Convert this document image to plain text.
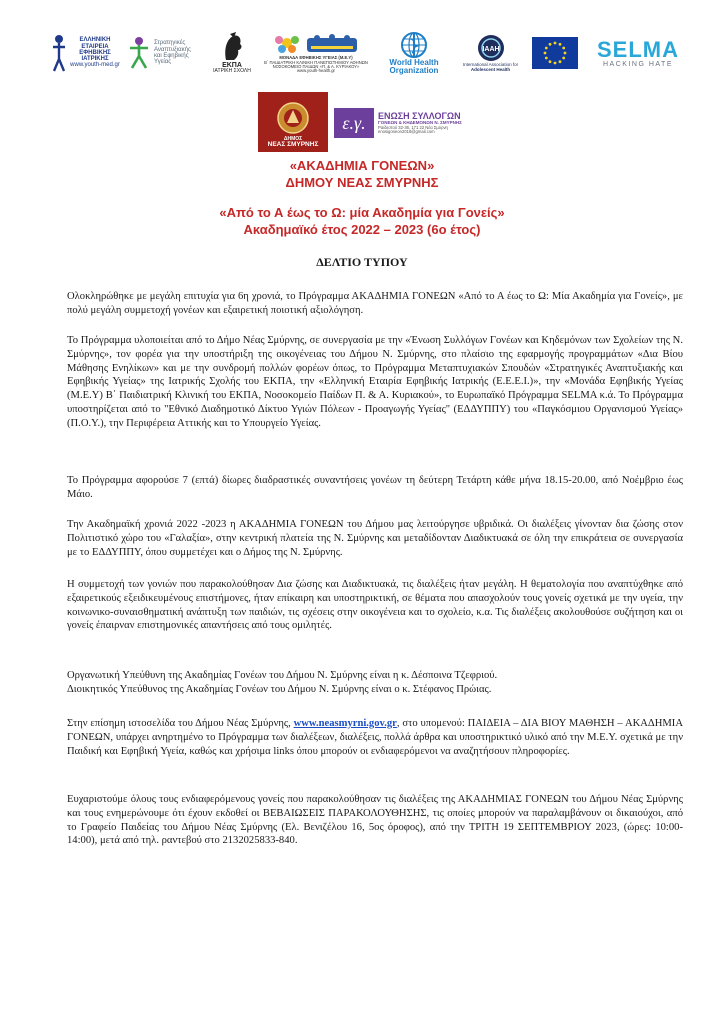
ΕΛΛΗΝΙΚΗ
ΕΤΑΙΡΕΙΑ
ΕΦΗΒΙΚΗΣ
ΙΑΤΡΙΚΗΣ
www.youth-med.gr
Στρατηγικές
Αναπτυξιακής
και Εφηβικής
Υγείας	ΕΚΠΑ
ΙΑΤΡΙΚΗ ΣΧΟΛΗ
ΜΟΝΑΔΑ ΕΦΗΒΙΚΗΣ ΥΓΕΙΑΣ (Μ.Ε.Υ)
Β΄ ΠΑΙΔΙΑΤΡΙΚΗ ΚΛΙΝΙΚΗ ΠΑΝΕΠΙΣΤΗΜΙΟΥ ΑΘΗΝΩΝ
ΝΟΣΟΚΟΜΕΙΟ ΠΑΙΔΩΝ «Π. & Α. ΚΥΡΙΑΚΟΥ»
www.youth-health.gr
World Health
Organization
IAAH
International Association for
Adolescent Health
SELMA
HACKING HATE
ΔΗΜΟΣ
ΝΕΑΣ ΣΜΥΡΝΗΣ
ε.γ.	ΕΝΩΣΗ ΣΥΛΛΟΓΩΝ
ΓΟΝΕΩΝ & ΚΗΔΕΜΟΝΩΝ Ν. ΣΜΥΡΝΗΣ
Ραιδεστού 32-36, 171 22 Νέα Σμύρνη
enosigoneon2018@gmail.com
«ΑΚΑΔΗΜΙΑ ΓΟΝΕΩΝ»
ΔΗΜΟΥ ΝΕΑΣ ΣΜΥΡΝΗΣ
«Από το Α έως το Ω: μία Ακαδημία για Γονείς»
Ακαδημαϊκό έτος 2022 – 2023 (6ο έτος)
ΔΕΛΤΙΟ ΤΥΠΟΥ

Ολοκληρώθηκε με μεγάλη επιτυχία για 6η χρονιά, το Πρόγραμμα ΑΚΑΔΗΜΙΑ ΓΟΝΕΩΝ «Από το Α έως το Ω: Μία Ακαδημία για Γονείς», με πολύ μεγάλη συμμετοχή γονέων και εξαιρετική ποιοτική αξιολόγηση.

Το Πρόγραμμα υλοποιείται από το Δήμο Νέας Σμύρνης, σε συνεργασία με την «Ένωση Συλλόγων Γονέων και Κηδεμόνων των Σχολείων της Ν. Σμύρνης», τον φορέα για την υποστήριξη της οικογένειας του Δήμου Ν. Σμύρνης, στο πλαίσιο της εφαρμογής προγραμμάτων «Δια Βίου Μάθησης Ενηλίκων» και με την συνδρομή πολλών φορέων όπως, το Πρόγραμμα Μεταπτυχιακών Σπουδών «Στρατηγικές Αναπτυξιακής και Εφηβικής Υγείας» της Ιατρικής Σχολής του ΕΚΠΑ, την «Ελληνική Εταιρία Εφηβικής Ιατρικής (Ε.Ε.Ε.Ι.)», την «Μονάδα Εφηβικής Υγείας (Μ.Ε.Υ) Β΄ Παιδιατρική Κλινική του ΕΚΠΑ, Νοσοκομείο Παίδων Π. & Α. Κυριακού», το Ευρωπαϊκό Πρόγραμμα SELMA κ.ά. Το Πρόγραμμα υποστηρίζεται από το "Εθνικό Διαδημοτικό Δίκτυο Υγιών Πόλεων - Προαγωγής Υγείας" (ΕΔΔΥΠΠΥ) του «Παγκόσμιου Οργανισμού Υγείας» (Π.Ο.Υ.), την Περιφέρεια Αττικής και το Υπουργείο Υγείας.

Το Πρόγραμμα αφορούσε 7 (επτά) δίωρες διαδραστικές συναντήσεις γονέων τη δεύτερη Τετάρτη κάθε μήνα 18.15-20.00, από Νοέμβριο έως Μάιο.

Την Ακαδημαϊκή χρονιά 2022 -2023 η ΑΚΑΔΗΜΙΑ ΓΟΝΕΩΝ του Δήμου μας λειτούργησε υβριδικά. Οι διαλέξεις γίνονταν δια ζώσης στον Πολιτιστικό χώρο του «Γαλαξία», στην κεντρική πλατεία της Ν. Σμύρνης και μεταδίδονταν Διαδικτυακά σε όλη την επικράτεια σε συνεργασία με το ΕΔΔΥΠΠΥ, όπου συμμετέχει και ο Δήμος της Ν. Σμύρνης.

Η συμμετοχή των γονιών που παρακολούθησαν Δια ζώσης και Διαδικτυακά, τις διαλέξεις ήταν μεγάλη. Η θεματολογία που αναπτύχθηκε από εξαιρετικούς εξειδικευμένους επιστήμονες, ήταν επίκαιρη και υποστηρικτική, σε θέματα που απασχολούν τους γονείς σχετικά με την υγεία, την κοινωνικο-συναισθηματική ανάπτυξη των παιδιών, τις σχέσεις στην οικογένεια και το σχολείο, κ.α. Τις διαλέξεις ακολουθούσε συζήτηση και οι γονείς έπαιρναν επιστημονικές απαντήσεις από τους ομιλητές.

Οργανωτική Υπεύθυνη της Ακαδημίας Γονέων του Δήμου Ν. Σμύρνης είναι η κ. Δέσποινα Τζεφριού.

Διοικητικός Υπεύθυνος της Ακαδημίας Γονέων του Δήμου Ν. Σμύρνης είναι ο κ. Στέφανος Πρώιας.

Στην επίσημη ιστοσελίδα του Δήμου Νέας Σμύρνης, www.neasmyrni.gov.gr, στο υπομενού: ΠΑΙΔΕΙΑ – ΔΙΑ ΒΙΟΥ ΜΑΘΗΣΗ – ΑΚΑΔΗΜΙΑ ΓΟΝΕΩΝ, υπάρχει ανηρτημένο το Πρόγραμμα των διαλέξεων, διαλέξεις, πολλά άρθρα και υποστηρικτικό υλικό από την Μ.Ε.Υ. σχετικά με την Παιδική και Εφηβική Υγεία, καθώς και χρήσιμα links όπου μπορούν οι ενδιαφερόμενοι να αναζητήσουν πληροφορίες.

Ευχαριστούμε όλους τους ενδιαφερόμενους γονείς που παρακολούθησαν τις διαλέξεις της ΑΚΑΔΗΜΙΑΣ ΓΟΝΕΩΝ του Δήμου Νέας Σμύρνης και τους ενημερώνουμε ότι έχουν εκδοθεί οι ΒΕΒΑΙΩΣΕΙΣ ΠΑΡΑΚΟΛΟΥΘΗΣΗΣ, τις οποίες μπορούν να παραλαμβάνουν οι δικαιούχοι, από το Γραφείο Παιδείας του Δήμου Νέας Σμύρνης (Ελ. Βενιζέλου 16, 5ος όροφος), από την ΤΡΙΤΗ 19 ΣΕΠΤΕΜΒΡΙΟΥ 2023, (ώρες: 10:00-14:00), μετά από τηλ. ραντεβού στο 2132025833-840.
